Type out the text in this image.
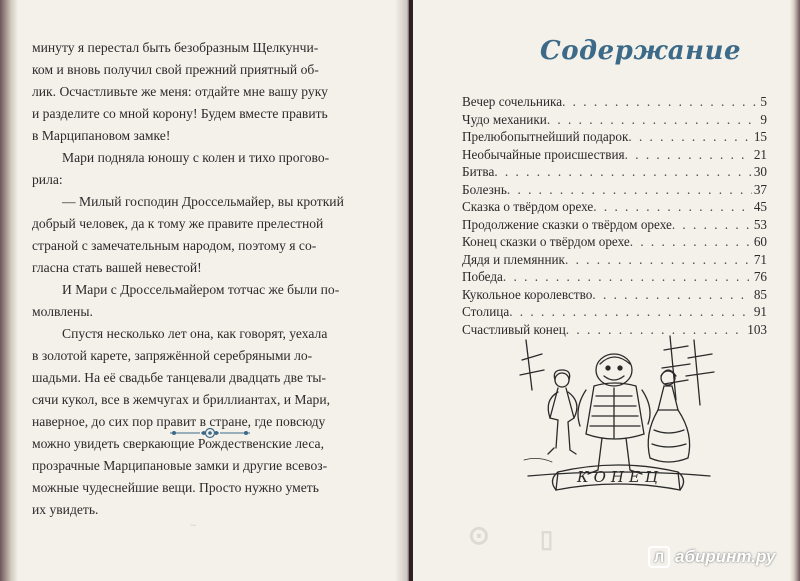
минуту я перестал быть безобразным Щелкунчи-
ком и вновь получил свой прежний приятный об-
лик. Осчастливьте же меня: отдайте мне вашу руку
и разделите со мной корону! Будем вместе править
в Марципановом замке!
Мари подняла юношу с колен и тихо прогово-
рила:
— Милый господин Дроссельмайер, вы кроткий
добрый человек, да к тому же правите прелестной
страной с замечательным народом, поэтому я со-
гласна стать вашей невестой!
И Мари с Дроссельмайером тотчас же были по-
молвлены.
Спустя несколько лет она, как говорят, уехала
в золотой карете, запряжённой серебряными ло-
шадьми. На её свадьбе танцевали двадцать две ты-
сячи кукол, все в жемчугах и бриллиантах, и Мари,
наверное, до сих пор правит в стране, где повсюду
можно увидеть сверкающие Рождественские леса,
прозрачные Марципановые замки и другие всевоз-
можные чудеснейшие вещи. Просто нужно уметь
их увидеть.
~
Содержание
Вечер сочельника . . .	5
Чудо механики . . .	9
Прелюбопытнейший подарок . . .	15
Необычайные происшествия . . .	21
Битва . . .	30
Болезнь . . .	37
Сказка о твёрдом орехе . . .	45
Продолжение сказки о твёрдом орехе . . .	53
Конец сказки о твёрдом орехе . . .	60
Дядя и племянник . . .	71
Победа . . .	76
Кукольное королевство . . .	85
Столица . . .	91
Счастливый конец . . .	103
КОНЕЦ
⊙ ▯
Л абиринт.ру
